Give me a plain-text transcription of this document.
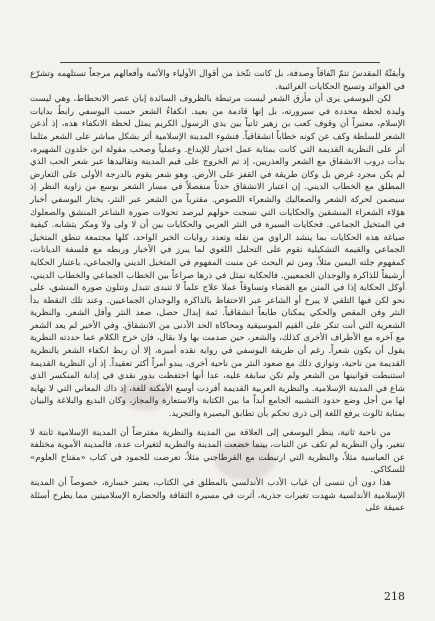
وأبقتْهُ المقدسَ تتمّ اتّفاقاً وصدفة، بل كانت تتّخذ من أقوال الأولياء والأئمة وأفعالهم مرجعاً تستلهمه وتشرّع في الفوائد وتسيح الحكايات الغرائبية.

لكن اليوسفي يرى أن مأزق الشعر ليست مرتبطة بالظروف السائدة إبان عصر الانحطاط، وهي ليست وليدة لحظة محددة في سيرورته، بل إنها قادمة من بعيد. انكفاءُ الشعر حسب اليوسفي رابطُ بدايات الإسلام، معتبراً أن وقوف كعب بن زهير ثانياً بين يدي الرسول الكريم يمثل لحظة الانكفاء هذه، إذ أذعن الشعر للسلطة وكف عن كونه خطاباً انشقاقياً. فنشوء المدينة الإسلامية أثر بشكل مباشر على الشعر مثلما أثر على النظرية القديمة التي كانت بمثابة عمل اختيار للإبداع. وعملياً وصحب مقولة ابن خلدون الشهيرة، بدأت دروب الانشقاق مع الشعر والعذريين، إذ تم الخروج على قيم المدينة وتقاليدها عبر شعر الحب الذي لم يكن مجرد غرض بل وكان طريقة في القفز على الأرض. وهو شعر يقوم بالدرجة الأولى على التعارض المطلق مع الخطاب الديني. إن اعتبار الانشقاق حدثاً منفصلاً في مسار الشعر بوسع من زاوية النظر إذ سيضمن لحركة الشعر والصعاليك والشعراء اللصوص. مقترباً من الشعر عبر النثر، يختار اليوسفي أخبار هؤلاء الشعراء المنشقين والحكايات التي نسجت حولهم ليرصد تحولات صورة الشاعر المنشق والصعلوك في المتخيل الجماعي. فحكايات السيرة في النثر العربي والحكايات بين أن لا ولى ولا ومكر يتشابه. كيفية صياغة هذه الحكايات بما ينشد الراوي من نقله وتعدد روايات الخبر الواحد، كلها مجتمعة تنطق المتخيل الجماعي والقيمة التشكيلية تقوم على التحليل اللغوي لما يبرز في الأخبار وربطه مع فلسفة الديانات، كمفهوم جلته اليمين مثلاً، ومن ثم البحث عن منبت المفهوم في المتخيل الديني والجماعي، باعتبار الحكاية أرشيفاً للذاكرة والوجدان الجمعيين. فالحكاية تمثل في ذرها صراعاً بين الخطاب الجماعي والخطاب الديني، أوكل الحكاية إذا في المتن مع القضاء وتساوقاً عملا علاج علماً لا تتبدى تتبدل وتتلون صورة المنشق، على نحو لكن فيها التلقي لا يبرح أو الشاعر عبر الاحتفاظ بالذاكرة والوجدان الجماعيين. وعند تلك النقطة بدأ النثر وفن المقص والحكي يمكنان طابعاً انشقاقياً. ثمة إبدال حصل، صعد النثر وأفل الشعر. والنظرية الشعرية التي أنت تنكر على القيم الموسيقية ومحاكاة الحد الأدنى من الانشقاق. وفي الأخير لم يعد الشعر مع آخره مع الأطراف الأخرى كذلك، والشعر، حين صدمت بها ولا بقال، فإن خرج الكلام عما حددته النظرية يقول أن يكون شعراً. رغم أن طريقة اليوسفي في رواية نقده أميرة، إلا أن ربط انكفاء الشعر بالنظرية القديمة من ناحية، وتوازي ذلك مع صعود النثر من ناحية أخرى، يبدو أمراً أكثر تعقيداً. إذ أن النظرية القديمة استنبطت قوانينها من الشعر ولم تكن سابقة عليه، عدا أنها احتفظت بدور نقدي في إدانة المنكسر الذي شاع في المدينة الإسلامية. والنظرية العربية القديمة أفردت أوسع الأمكنة للغة، إذ ذاك المعاني التي لا نهاية لها من أجل وضع حدود التشبيه الجامع أبداً ما بين الكتابة والاستعارة والمجاز، وكان البديع والبلاغة والبيان بمثابة ثالوث يرفع اللغة إلى ذرى تحكم بأن تطابق البصيرة والتجريد.

من ناحية ثانية، ينظر اليوسفي إلى العلاقة بين المدينة والنظرية مفترضاً أن المدينة الإسلامية ثابتة لا تتغير، وأن النظرية لم تكف عن الثبات، بينما خضعت المدينة والنظرية لتغيرات عدة، فالمدينة الأموية مختلفة عن العباسية مثلاً، والنظرية التي ارتبطت مع القرطاجني مثلاً، تعرضت للجمود في كتاب «مفتاح العلوم» للسكاكي.

هذا دون أن ننسى أن غياب الأدب الأندلسي بالمطلق في الكتاب، يعتبر خسارة، خصوصاً أن المدينة الإسلامية الأندلسية شهدت تغيرات جذرية، أثرت في مسيرة الثقافة والحضارة الإسلاميتين مما يطرح أسئلة عميقة على

218
